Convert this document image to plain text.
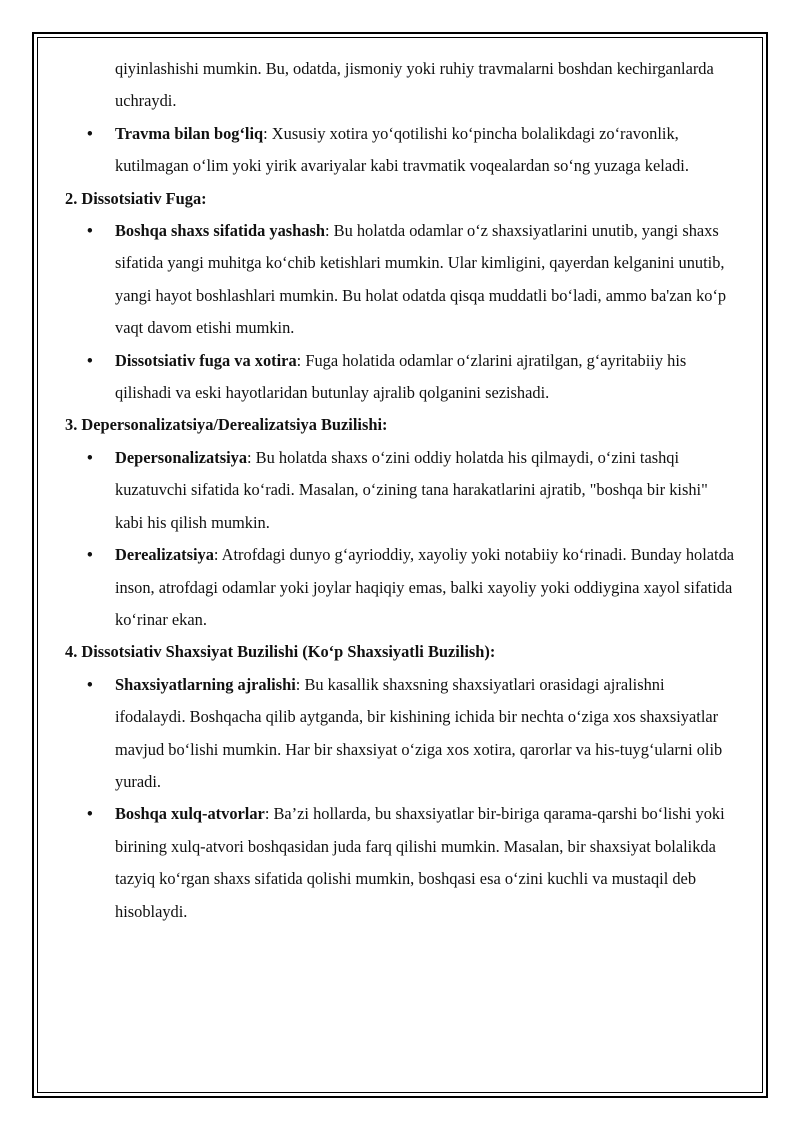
qiyinlashishi mumkin. Bu, odatda, jismoniy yoki ruhiy travmalarni boshdan kechirganlarda uchraydi.

• Travma bilan bog‘liq: Xususiy xotira yo‘qotilishi ko‘pincha bolalikdagi zo‘ravonlik, kutilmagan o‘lim yoki yirik avariyalar kabi travmatik voqealardan so‘ng yuzaga keladi.

2. Dissotsiativ Fuga:

• Boshqa shaxs sifatida yashash: Bu holatda odamlar o‘z shaxsiyatlarini unutib, yangi shaxs sifatida yangi muhitga ko‘chib ketishlari mumkin. Ular kimligini, qayerdan kelganini unutib, yangi hayot boshlashlari mumkin. Bu holat odatda qisqa muddatli bo‘ladi, ammo ba'zan ko‘p vaqt davom etishi mumkin.
• Dissotsiativ fuga va xotira: Fuga holatida odamlar o‘zlarini ajratilgan, g‘ayritabiiy his qilishadi va eski hayotlaridan butunlay ajralib qolganini sezishadi.

3. Depersonalizatsiya/Derealizatsiya Buzilishi:

• Depersonalizatsiya: Bu holatda shaxs o‘zini oddiy holatda his qilmaydi, o‘zini tashqi kuzatuvchi sifatida ko‘radi. Masalan, o‘zining tana harakatlarini ajratib, "boshqa bir kishi" kabi his qilish mumkin.
• Derealizatsiya: Atrofdagi dunyo g‘ayrioddiy, xayoliy yoki notabiiy ko‘rinadi. Bunday holatda inson, atrofdagi odamlar yoki joylar haqiqiy emas, balki xayoliy yoki oddiygina xayol sifatida ko‘rinar ekan.

4. Dissotsiativ Shaxsiyat Buzilishi (Ko‘p Shaxsiyatli Buzilish):

• Shaxsiyatlarning ajralishi: Bu kasallik shaxsning shaxsiyatlari orasidagi ajralishni ifodalaydi. Boshqacha qilib aytganda, bir kishining ichida bir nechta o‘ziga xos shaxsiyatlar mavjud bo‘lishi mumkin. Har bir shaxsiyat o‘ziga xos xotira, qarorlar va his-tuyg‘ularni olib yuradi.
• Boshqa xulq-atvorlar: Ba’zi hollarda, bu shaxsiyatlar bir-biriga qarama-qarshi bo‘lishi yoki birining xulq-atvori boshqasidan juda farq qilishi mumkin. Masalan, bir shaxsiyat bolalikda tazyiq ko‘rgan shaxs sifatida qolishi mumkin, boshqasi esa o‘zini kuchli va mustaqil deb hisoblaydi.
